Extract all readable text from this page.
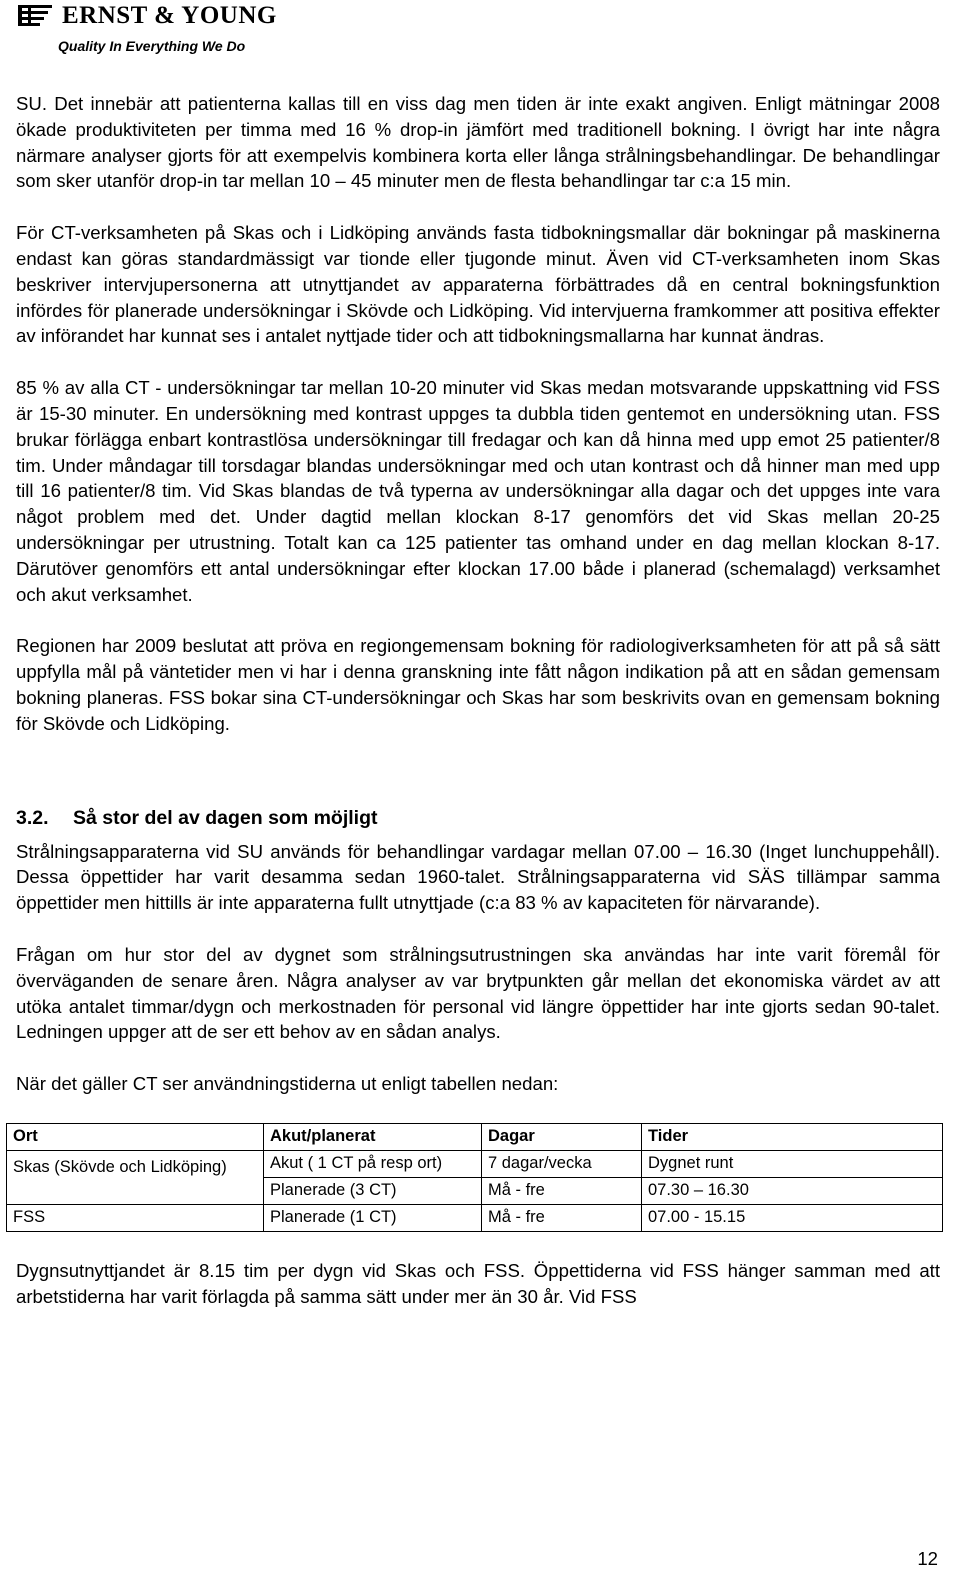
ERNST & YOUNG
Quality In Everything We Do

SU. Det innebär att patienterna kallas till en viss dag men tiden är inte exakt angiven. Enligt mätningar 2008 ökade produktiviteten per timma med 16 % drop-in jämfört med traditionell bokning. I övrigt har inte några närmare analyser gjorts för att exempelvis kombinera korta eller långa strålningsbehandlingar. De behandlingar som sker utanför drop-in tar mellan 10 – 45 minuter men de flesta behandlingar tar c:a 15 min.

För CT-verksamheten på Skas och i Lidköping används fasta tidbokningsmallar där bokningar på maskinerna endast kan göras standardmässigt var tionde eller tjugonde minut. Även vid CT-verksamheten inom Skas beskriver intervjupersonerna att utnyttjandet av apparaterna förbättrades då en central bokningsfunktion infördes för planerade undersökningar i Skövde och Lidköping. Vid intervjuerna framkommer att positiva effekter av införandet har kunnat ses i antalet nyttjade tider och att tidbokningsmallarna har kunnat ändras.

85 % av alla CT - undersökningar tar mellan 10-20 minuter vid Skas medan motsvarande uppskattning vid FSS är 15-30 minuter. En undersökning med kontrast uppges ta dubbla tiden gentemot en undersökning utan. FSS brukar förlägga enbart kontrastlösa undersökningar till fredagar och kan då hinna med upp emot 25 patienter/8 tim. Under måndagar till torsdagar blandas undersökningar med och utan kontrast och då hinner man med upp till 16 patienter/8 tim. Vid Skas blandas de två typerna av undersökningar alla dagar och det uppges inte vara något problem med det. Under dagtid mellan klockan 8-17 genomförs det vid Skas mellan 20-25 undersökningar per utrustning. Totalt kan ca 125 patienter tas omhand under en dag mellan klockan 8-17. Därutöver genomförs ett antal undersökningar efter klockan 17.00 både i planerad (schemalagd) verksamhet och akut verksamhet.

Regionen har 2009 beslutat att pröva en regiongemensam bokning för radiologiverksamheten för att på så sätt uppfylla mål på väntetider men vi har i denna granskning inte fått någon indikation på att en sådan gemensam bokning planeras. FSS bokar sina CT-undersökningar och Skas har som beskrivits ovan en gemensam bokning för Skövde och Lidköping.

3.2.	Så stor del av dagen som möjligt

Strålningsapparaterna vid SU används för behandlingar vardagar mellan 07.00 – 16.30 (Inget lunchuppehåll). Dessa öppettider har varit desamma sedan 1960-talet. Strålningsapparaterna vid SÄS tillämpar samma öppettider men hittills är inte apparaterna fullt utnyttjade (c:a 83 % av kapaciteten för närvarande).

Frågan om hur stor del av dygnet som strålningsutrustningen ska användas har inte varit föremål för överväganden de senare åren. Några analyser av var brytpunkten går mellan det ekonomiska värdet av att utöka antalet timmar/dygn och merkostnaden för personal vid längre öppettider har inte gjorts sedan 90-talet. Ledningen uppger att de ser ett behov av en sådan analys.

När det gäller CT ser användningstiderna ut enligt tabellen nedan:

Ort	Akut/planerat	Dagar	Tider
Skas (Skövde och Lidköping)	Akut ( 1 CT på resp ort)	7 dagar/vecka	Dygnet runt
	Planerade (3 CT)	Må - fre	07.30 – 16.30
FSS	Planerade (1 CT)	Må - fre	07.00 - 15.15

Dygnsutnyttjandet är 8.15 tim per dygn vid Skas och FSS. Öppettiderna vid FSS hänger samman med att arbetstiderna har varit förlagda på samma sätt under mer än 30 år. Vid FSS

12
